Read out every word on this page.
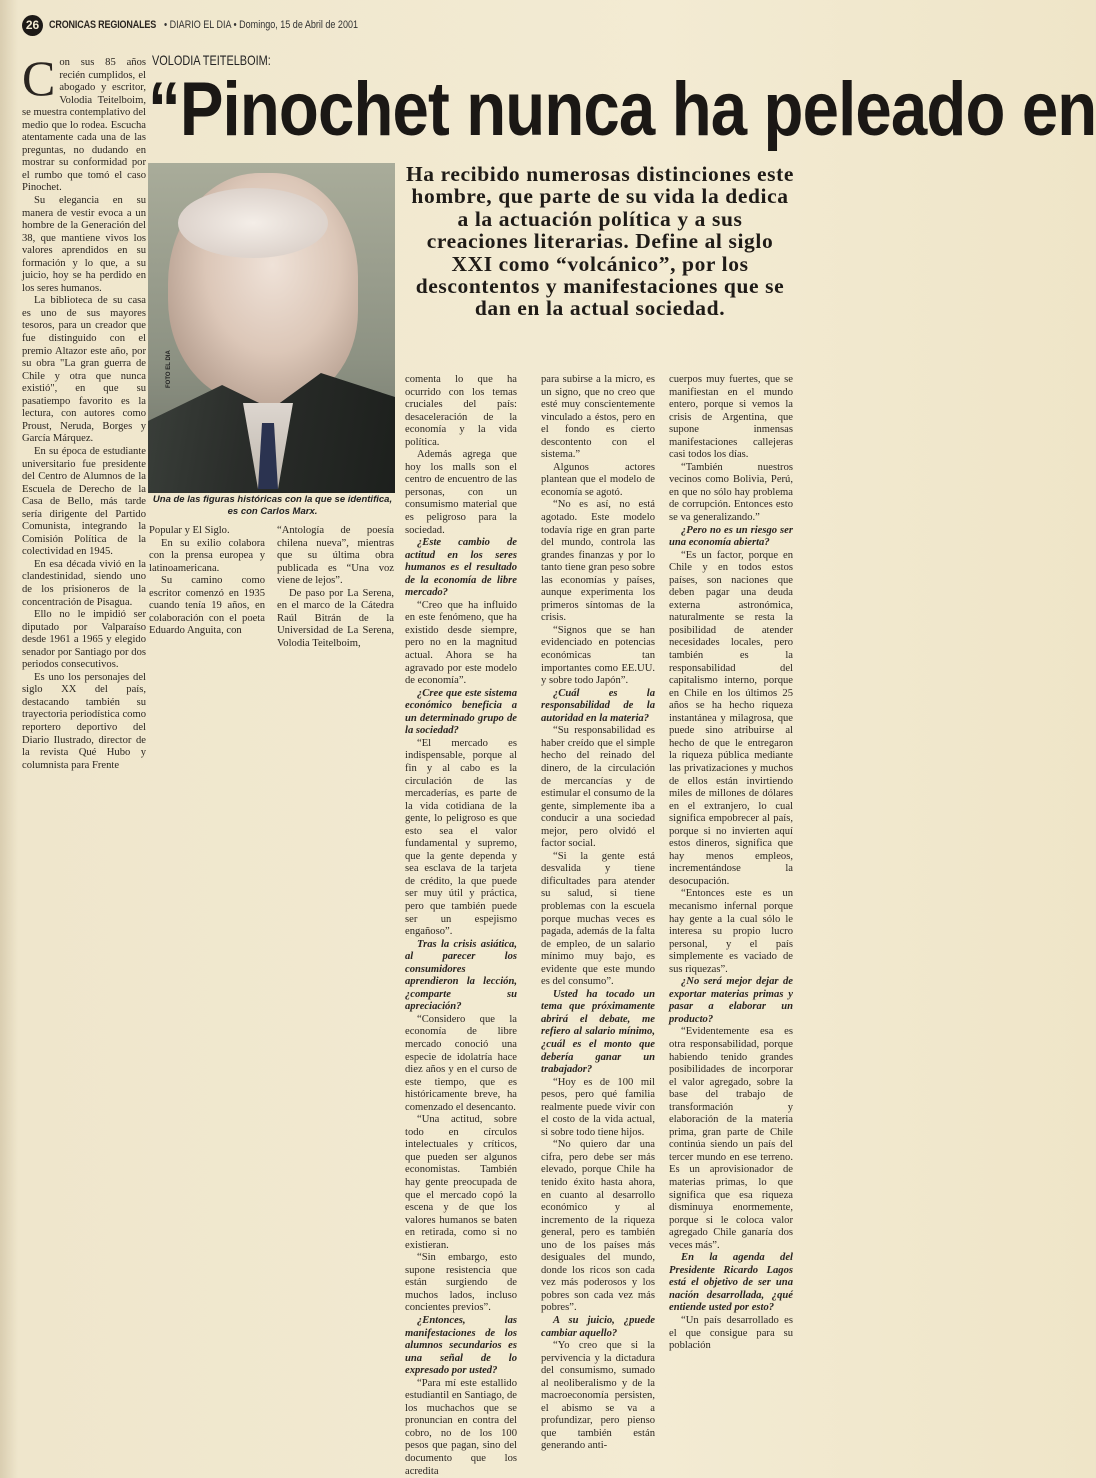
26 CRONICAS REGIONALES • DIARIO EL DIA • Domingo, 15 de Abril de 2001
VOLODIA TEITELBOIM:
“Pinochet nunca ha peleado en
C on sus 85 años recién cumplidos, el abogado y escritor, Volodia Teitelboim, se muestra contemplativo del medio que lo rodea. Escucha atentamente cada una de las preguntas, no dudando en mostrar su conformidad por el rumbo que tomó el caso Pinochet.

Su elegancia en su manera de vestir evoca a un hombre de la Generación del 38, que mantiene vivos los valores aprendidos en su formación y lo que, a su juicio, hoy se ha perdido en los seres humanos.

La biblioteca de su casa es uno de sus mayores tesoros, para un creador que fue distinguido con el premio Altazor este año, por su obra "La gran guerra de Chile y otra que nunca existió", en que su pasatiempo favorito es la lectura, con autores como Proust, Neruda, Borges y García Márquez.

En su época de estudiante universitario fue presidente del Centro de Alumnos de la Escuela de Derecho de la Casa de Bello, más tarde sería dirigente del Partido Comunista, integrando la Comisión Política de la colectividad en 1945.

En esa década vivió en la clandestinidad, siendo uno de los prisioneros de la concentración de Pisagua.

Ello no le impidió ser diputado por Valparaíso desde 1961 a 1965 y elegido senador por Santiago por dos periodos consecutivos.

Es uno los personajes del siglo XX del país, destacando también su trayectoria periodística como reportero deportivo del Diario Ilustrado, director de la revista Qué Hubo y columnista para Frente

FOTO EL DIA
Una de las figuras históricas con la que se identifica, es con Carlos Marx.

Popular y El Siglo.

En su exilio colabora con la prensa europea y latinoamericana.

Su camino como escritor comenzó en 1935 cuando tenía 19 años, en colaboración con el poeta Eduardo Anguita, con

“Antología de poesía chilena nueva”, mientras que su última obra publicada es “Una voz viene de lejos”.

De paso por La Serena, en el marco de la Cátedra Raúl Bitrán de la Universidad de La Serena, Volodia Teitelboim,

Ha recibido numerosas distinciones este hombre, que parte de su vida la dedica a la actuación política y a sus creaciones literarias. Define al siglo XXI como “volcánico”, por los descontentos y manifestaciones que se dan en la actual sociedad.

comenta lo que ha ocurrido con los temas cruciales del país: desaceleración de la economía y la vida política.

Además agrega que hoy los malls son el centro de encuentro de las personas, con un consumismo material que es peligroso para la sociedad.

¿Este cambio de actitud en los seres humanos es el resultado de la economía de libre mercado?

“Creo que ha influido en este fenómeno, que ha existido desde siempre, pero no en la magnitud actual. Ahora se ha agravado por este modelo de economía”.

¿Cree que este sistema económico beneficia a un determinado grupo de la sociedad?

“El mercado es indispensable, porque al fin y al cabo es la circulación de las mercaderías, es parte de la vida cotidiana de la gente, lo peligroso es que esto sea el valor fundamental y supremo, que la gente dependa y sea esclava de la tarjeta de crédito, la que puede ser muy útil y práctica, pero que también puede ser un espejismo engañoso”.

Tras la crisis asiática, al parecer los consumidores aprendieron la lección, ¿comparte su apreciación?

“Considero que la economía de libre mercado conoció una especie de idolatría hace diez años y en el curso de este tiempo, que es históricamente breve, ha comenzado el desencanto.

“Una actitud, sobre todo en círculos intelectuales y críticos, que pueden ser algunos economistas. También hay gente preocupada de que el mercado copó la escena y de que los valores humanos se baten en retirada, como si no existieran.

“Sin embargo, esto supone resistencia que están surgiendo de muchos lados, incluso concientes previos”.

¿Entonces, las manifestaciones de los alumnos secundarios es una señal de lo expresado por usted?

“Para mí este estallido estudiantil en Santiago, de los muchachos que se pronuncian en contra del cobro, no de los 100 pesos que pagan, sino del documento que los acredita

para subirse a la micro, es un signo, que no creo que esté muy conscientemente vinculado a éstos, pero en el fondo es cierto descontento con el sistema.”

Algunos actores plantean que el modelo de economía se agotó.

“No es así, no está agotado. Este modelo todavía rige en gran parte del mundo, controla las grandes finanzas y por lo tanto tiene gran peso sobre las economías y países, aunque experimenta los primeros síntomas de la crisis.

“Signos que se han evidenciado en potencias económicas tan importantes como EE.UU. y sobre todo Japón”.

¿Cuál es la responsabilidad de la autoridad en la materia?

“Su responsabilidad es haber creído que el simple hecho del reinado del dinero, de la circulación de mercancías y de estimular el consumo de la gente, simplemente iba a conducir a una sociedad mejor, pero olvidó el factor social.

“Si la gente está desvalida y tiene dificultades para atender su salud, si tiene problemas con la escuela porque muchas veces es pagada, además de la falta de empleo, de un salario mínimo muy bajo, es evidente que este mundo es del consumo”.

Usted ha tocado un tema que próximamente abrirá el debate, me refiero al salario mínimo, ¿cuál es el monto que debería ganar un trabajador?

“Hoy es de 100 mil pesos, pero qué familia realmente puede vivir con el costo de la vida actual, si sobre todo tiene hijos.

“No quiero dar una cifra, pero debe ser más elevado, porque Chile ha tenido éxito hasta ahora, en cuanto al desarrollo económico y al incremento de la riqueza general, pero es también uno de los países más desiguales del mundo, donde los ricos son cada vez más poderosos y los pobres son cada vez más pobres”.

A su juicio, ¿puede cambiar aquello?

“Yo creo que si la pervivencia y la dictadura del consumismo, sumado al neoliberalismo y de la macroeconomía persisten, el abismo se va a profundizar, pero pienso que también están generando anti-

cuerpos muy fuertes, que se manifiestan en el mundo entero, porque si vemos la crisis de Argentina, que supone inmensas manifestaciones callejeras casi todos los días.

“También nuestros vecinos como Bolivia, Perú, en que no sólo hay problema de corrupción. Entonces esto se va generalizando.”

¿Pero no es un riesgo ser una economía abierta?

“Es un factor, porque en Chile y en todos estos países, son naciones que deben pagar una deuda externa astronómica, naturalmente se resta la posibilidad de atender necesidades locales, pero también es la responsabilidad del capitalismo interno, porque en Chile en los últimos 25 años se ha hecho riqueza instantánea y milagrosa, que puede sino atribuirse al hecho de que le entregaron la riqueza pública mediante las privatizaciones y muchos de ellos están invirtiendo miles de millones de dólares en el extranjero, lo cual significa empobrecer al país, porque si no invierten aquí estos dineros, significa que hay menos empleos, incrementándose la desocupación.

“Entonces este es un mecanismo infernal porque hay gente a la cual sólo le interesa su propio lucro personal, y el país simplemente es vaciado de sus riquezas”.

¿No será mejor dejar de exportar materias primas y pasar a elaborar un producto?

“Evidentemente esa es otra responsabilidad, porque habiendo tenido grandes posibilidades de incorporar el valor agregado, sobre la base del trabajo de transformación y elaboración de la materia prima, gran parte de Chile continúa siendo un país del tercer mundo en ese terreno. Es un aprovisionador de materias primas, lo que significa que esa riqueza disminuya enormemente, porque si le coloca valor agregado Chile ganaría dos veces más”.

En la agenda del Presidente Ricardo Lagos está el objetivo de ser una nación desarrollada, ¿qué entiende usted por esto?

“Un país desarrollado es el que consigue para su población
